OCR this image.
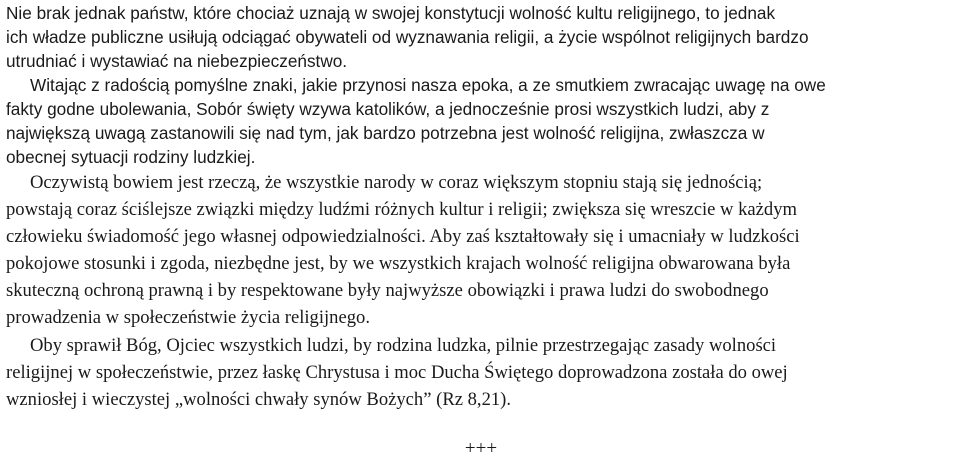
Nie brak jednak państw, które chociaż uznają w swojej konstytucji wolność kultu religijnego, to jednak
ich władze publiczne usiłują odciągać obywateli od wyznawania religii, a życie wspólnot religijnych bardzo
utrudniać i wystawiać na niebezpieczeństwo.

Witając z radością pomyślne znaki, jakie przynosi nasza epoka, a ze smutkiem zwracając uwagę na owe
fakty godne ubolewania, Sobór święty wzywa katolików, a jednocześnie prosi wszystkich ludzi, aby z
największą uwagą zastanowili się nad tym, jak bardzo potrzebna jest wolność religijna, zwłaszcza w
obecnej sytuacji rodziny ludzkiej.

Oczywistą bowiem jest rzeczą, że wszystkie narody w coraz większym stopniu stają się jednością;
powstają coraz ściślejsze związki między ludźmi różnych kultur i religii; zwiększa się wreszcie w każdym
człowieku świadomość jego własnej odpowiedzialności. Aby zaś kształtowały się i umacniały w ludzkości
pokojowe stosunki i zgoda, niezbędne jest, by we wszystkich krajach wolność religijna obwarowana była
skuteczną ochroną prawną i by respektowane były najwyższe obowiązki i prawa ludzi do swobodnego
prowadzenia w społeczeństwie życia religijnego.

Oby sprawił Bóg, Ojciec wszystkich ludzi, by rodzina ludzka, pilnie przestrzegając zasady wolności
religijnej w społeczeństwie, przez łaskę Chrystusa i moc Ducha Świętego doprowadzona została do owej
wzniosłej i wieczystej „wolności chwały synów Bożych” (Rz 8,21).

+++
